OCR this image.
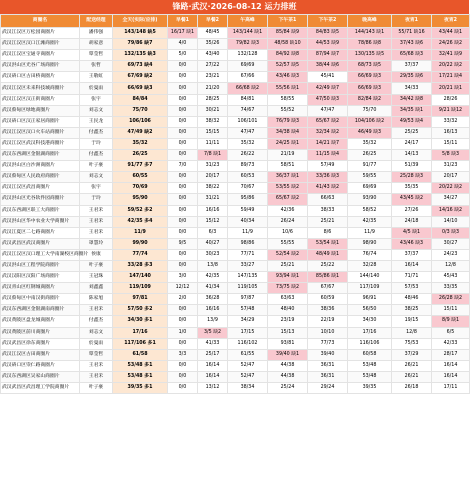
锋路·武汉·2026-08-12 运力排班
商圈名	配送经理	全天(实际/应排)	早餐1	早餐2	午高峰	下午茶1	下午茶2	晚高峰	夜宵1	夜宵2
武汉江汉区万松园商圈片	潘伟强	143/148 缺5	16/17 缺1	48/45	143/144 缺1	85/84 缺9	84/83 缺5	144/143 缺1	55/71 缺16	43/44 缺1
武汉江汉区汉口江滩商圈片	胡家意	79/86 缺7	4/0	35/26	79/82 缺3	48/58 缺10	44/53 缺9	78/86 缺8	37/43 缺6	24/26 缺2
武汉江汉区宝通寺商圈片	覃莹哲	132/135 缺3	5/0	43/40	132/128	84/92 缺8	87/94 缺7	130/135 缺5	65/68 缺3	32/41 缺9
武汉洪山区光谷广场商圈片	张哲	69/73 缺4	0/0	27/22	69/69	52/57 缺5	38/44 缺6	68/73 缺5	37/37	20/22 缺2
武汉硚口区古田桥商圈片	王敬虹	67/69 缺2	0/0	23/21	67/66	43/46 缺3	45/41	66/69 缺3	29/35 缺6	17/21 缺4
武汉江汉区未来科技城商圈片	於曼雨	66/69 缺3	0/0	21/20	66/68 缺2	55/56 缺1	42/49 缺7	66/69 缺3	34/33	20/21 缺1
武汉江汉区汉正街商圈片	张宇	84/84	0/0	28/25	84/81	58/55	47/50 缺3	82/84 缺2	34/42 缺8	28/26
武汉蔡甸区绿地商圈片	刘志文	75/70	0/0	30/21	74/67	55/52	47/47	75/70	34/35 缺1	9/21 缺12
武汉硚口区汉正家居商圈片	王民龙	106/106	0/0	38/32	106/101	76/79 缺3	65/67 缺2	104/106 缺2	49/53 缺4	33/32
武汉江汉区汉口火车站商圈片	付鑫杰	47/49 缺2	0/0	15/15	47/47	34/38 缺4	32/34 缺2	46/49 缺3	25/25	16/13
武汉江汉区武汉科技港商圈片	于玲	35/32	0/0	11/11	35/32	24/25 缺1	14/21 缺7	35/32	24/17	15/11
武汉东西湖区金银湖商圈片	付鑫杰	26/25	0/0	7/8 缺1	26/22	21/19	11/15 缺4	26/25	14/13	5/8 缺3
武汉洪山区白沙洲商圈片	叶子豪	91/77 多7	7/0	31/23	89/73	58/51	57/49	91/77	51/39	31/23
武汉蔡甸区人民政府商圈片	刘志文	60/55	0/0	20/17	60/53	36/37 缺1	33/36 缺3	59/55	25/28 缺3	20/17
武汉江汉区武昌商圈片	张宇	70/69	0/0	38/22	70/67	53/55 缺2	41/43 缺2	69/69	35/35	20/22 缺2
武汉洪山区光谷软件园商圈片	于玲	95/90	0/0	31/21	95/86	65/67 缺2	66/63	93/90	43/45 缺2	34/27
武汉东西湖区联工大商圈片	王君禾	59/52 多2	0/0	16/16	59/49	42/36	38/33	58/52	27/26	14/16 缺2
武汉洪山区华中农业大学商圈片	王君禾	42/35 多4	0/0	15/12	40/34	26/24	25/21	42/35	24/18	14/10
武汉江夏区二七路商圈片	王君禾	11/9	0/0	6/3	11/9	10/6	8/6	11/9	4/5 缺1	0/3 缺3
武汉武昌区武汉商圈片	罩慧玲	99/90	9/5	40/27	98/86	55/55	53/54 缺1	98/90	43/46 缺3	30/27
武汉江汉区汉口理工大学南湖校区商圈片	侯康	77/74	0/0	30/23	77/71	52/54 缺2	48/49 缺1	76/74	37/37	24/23
武汉洪山区工程学院商圈片	叶子豪	33/28 多3	0/0	13/8	33/27	25/21	25/22	32/28	16/14	12/8
武汉汉阳区汉阳广场商圈片	王冠珠	147/140	3/0	42/35	147/135	93/94 缺1	85/86 缺1	144/140	71/71	45/43
武汉青山区红钢城商圈片	刘鑫鑫	119/109	12/12	41/34	119/105	73/75 缺2	67/67	117/109	57/53	33/35
武汉蔡甸区中南汉街商圈片	陈家旭	97/81	2/0	36/28	97/87	63/63	60/59	96/91	48/46	26/28 缺2
武汉东西湖区金银湖南商圈片	王君禾	57/50 多2	0/0	16/16	57/48	48/40	38/36	56/50	38/25	15/11
武汉黄陂区盘龙城商圈片	付鑫杰	34/30 多1	0/0	13/9	34/29	23/19	22/19	34/30	19/15	8/9 缺1
武汉黄陂区前川商圈片	刘志文	17/16	1/0	3/5 缺2	17/15	15/13	10/10	17/16	12/8	6/5
武汉武昌区徐东商圈片	於曼雨	117/106 多1	0/0	41/33	116/102	93/81	77/73	116/106	75/53	42/33
武汉江汉区古田商圈片	覃莹哲	61/58	3/3	25/17	61/55	39/40 缺1	39/40	60/58	37/29	28/17
武汉硚口区崇仁路商圈片	王君禾	53/48 多1	0/0	16/14	52/47	44/38	36/31	53/48	26/21	16/14
武汉东西湖区吴家山商圈片	王君禾	53/48 多1	0/0	16/14	52/47	44/38	36/31	53/48	26/21	16/14
武汉武昌区武昌理工学院商圈片	叶子豪	39/35 多1	0/0	13/12	38/34	25/24	29/24	39/35	26/18	17/11
